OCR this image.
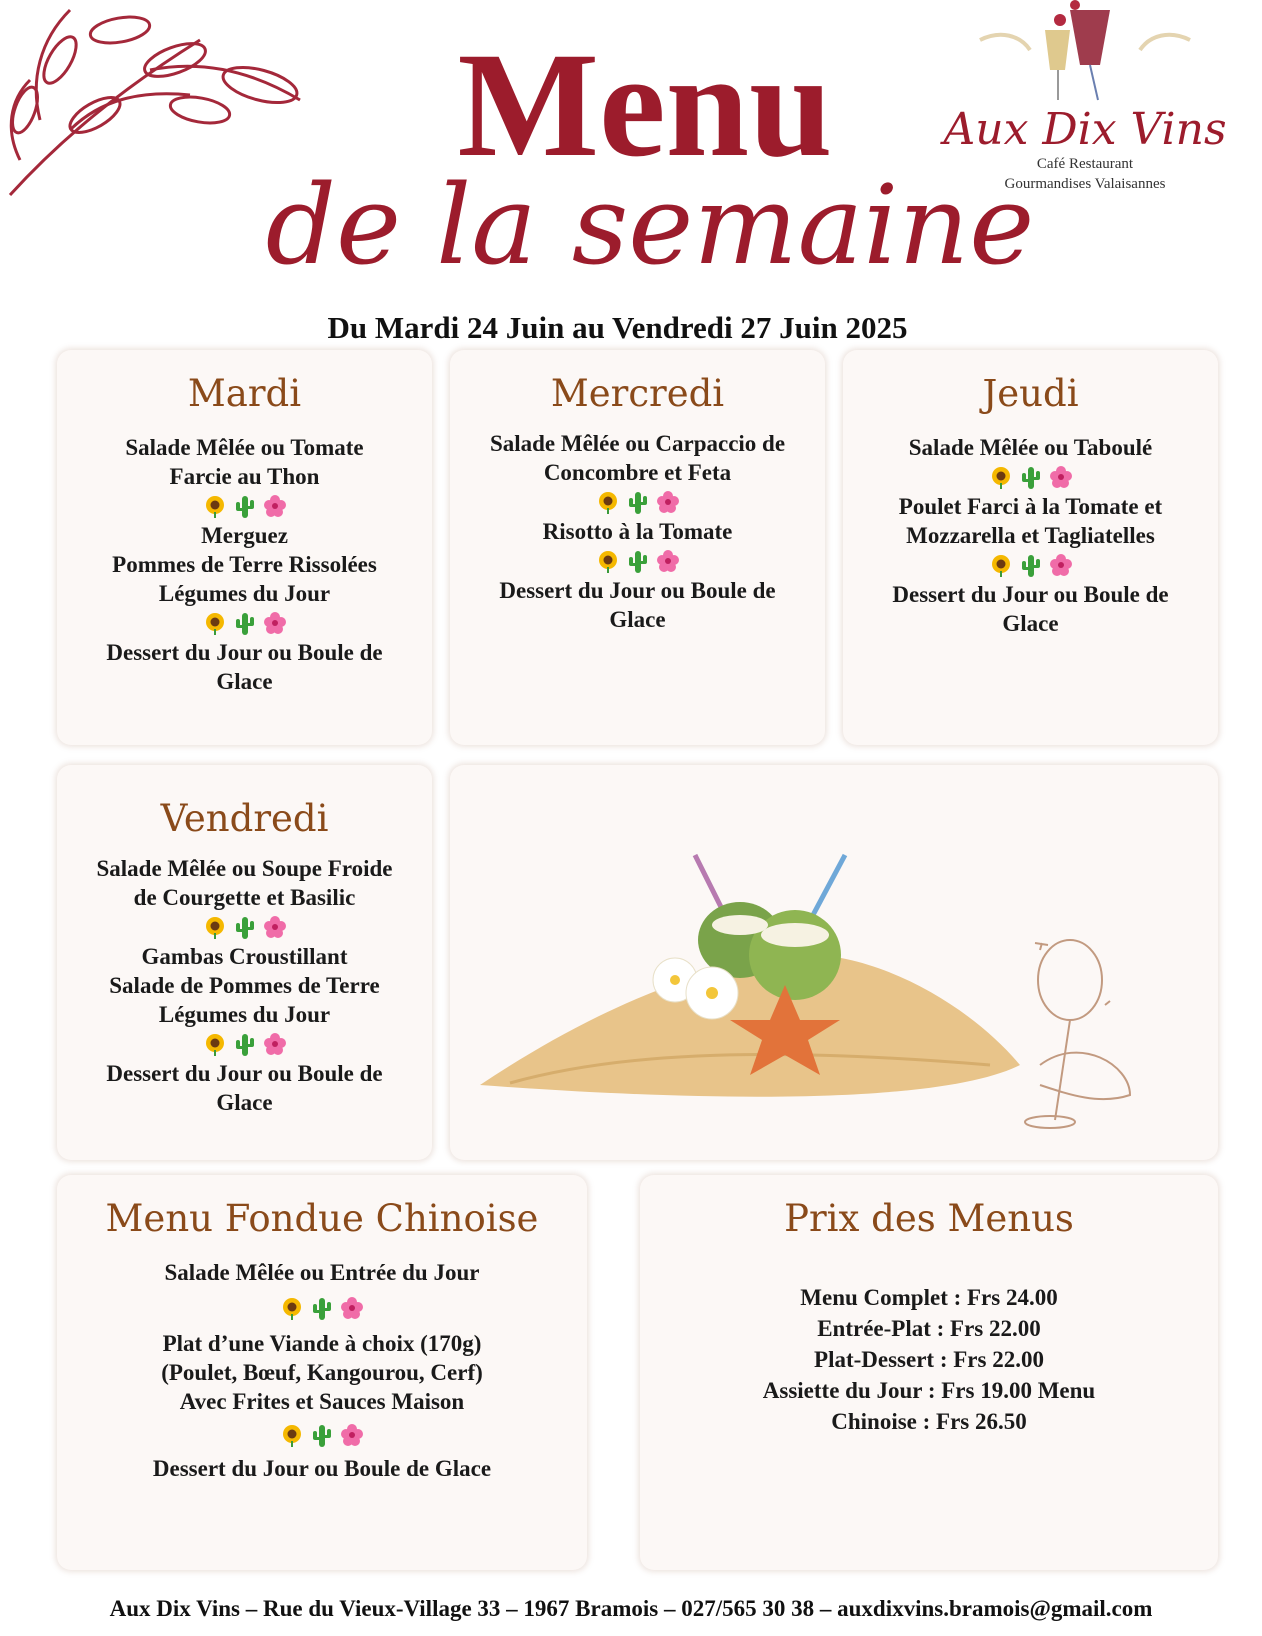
Menu
de la semaine
Aux Dix Vins
Café Restaurant
Gourmandises Valaisannes
Du Mardi 24 Juin au Vendredi 27 Juin 2025
Mardi

Salade Mêlée ou Tomate

Farcie au Thon

Merguez

Pommes de Terre Rissolées

Légumes du Jour

Dessert du Jour ou Boule de

Glace

Mercredi

Salade Mêlée ou Carpaccio de

Concombre et Feta

Risotto à la Tomate

Dessert du Jour ou Boule de

Glace

Jeudi

Salade Mêlée ou Taboulé

Poulet Farci à la Tomate et

Mozzarella et Tagliatelles

Dessert du Jour ou Boule de

Glace

Vendredi

Salade Mêlée ou Soupe Froide

de Courgette et Basilic

Gambas Croustillant

Salade de Pommes de Terre

Légumes du Jour

Dessert du Jour ou Boule de

Glace

Menu Fondue Chinoise

Salade Mêlée ou Entrée du Jour

Plat d’une Viande à choix (170g)

(Poulet, Bœuf, Kangourou, Cerf)

Avec Frites et Sauces Maison

Dessert du Jour ou Boule de Glace

Prix des Menus

Menu Complet : Frs 24.00

Entrée-Plat : Frs 22.00

Plat-Dessert : Frs 22.00

Assiette du Jour : Frs 19.00 Menu

Chinoise : Frs 26.50

Aux Dix Vins – Rue du Vieux-Village 33 – 1967 Bramois – 027/565 30 38 – auxdixvins.bramois@gmail.com
